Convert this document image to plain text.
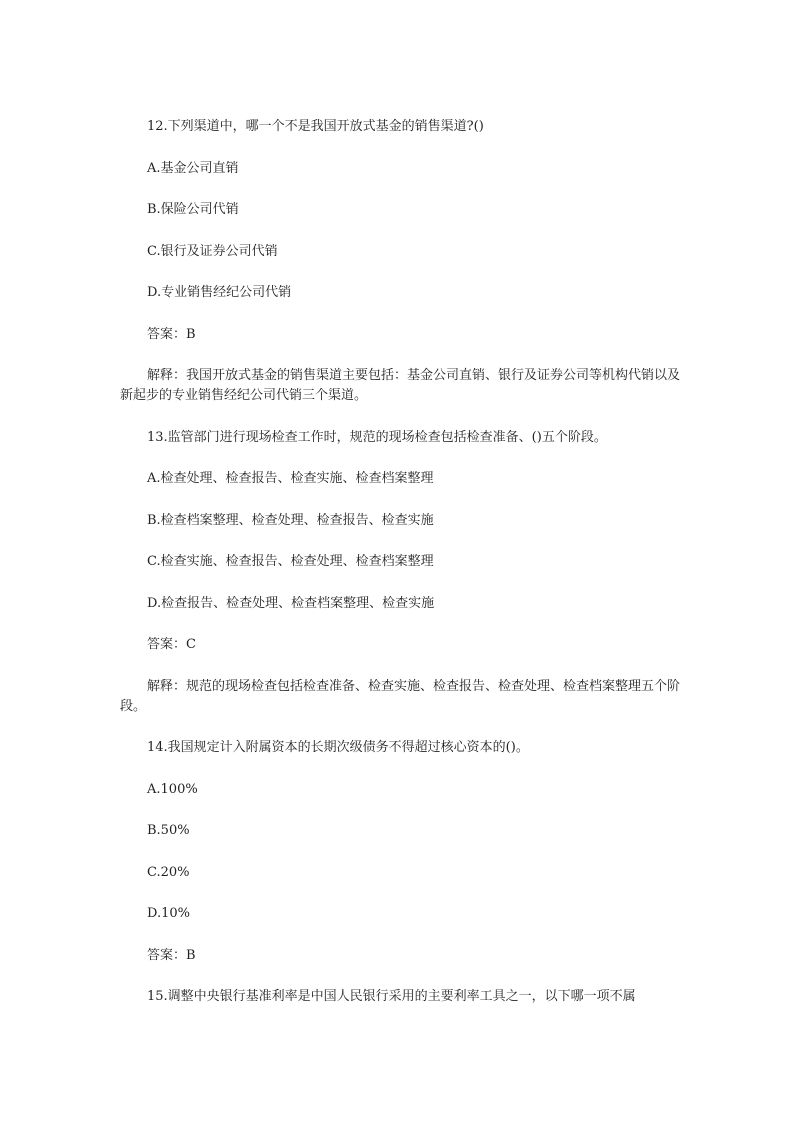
12.下列渠道中，哪一个不是我国开放式基金的销售渠道?()
A.基金公司直销
B.保险公司代销
C.银行及证券公司代销
D.专业销售经纪公司代销
答案：B
解释：我国开放式基金的销售渠道主要包括：基金公司直销、银行及证券公司等机构代销以及新起步的专业销售经纪公司代销三个渠道。
13.监管部门进行现场检查工作时，规范的现场检查包括检查准备、()五个阶段。
A.检查处理、检查报告、检查实施、检查档案整理
B.检查档案整理、检查处理、检查报告、检查实施
C.检查实施、检查报告、检查处理、检查档案整理
D.检查报告、检查处理、检查档案整理、检查实施
答案：C
解释：规范的现场检查包括检查准备、检查实施、检查报告、检查处理、检查档案整理五个阶段。
14.我国规定计入附属资本的长期次级债务不得超过核心资本的()。
A.100%
B.50%
C.20%
D.10%
答案：B
15.调整中央银行基准利率是中国人民银行采用的主要利率工具之一，以下哪一项不属
